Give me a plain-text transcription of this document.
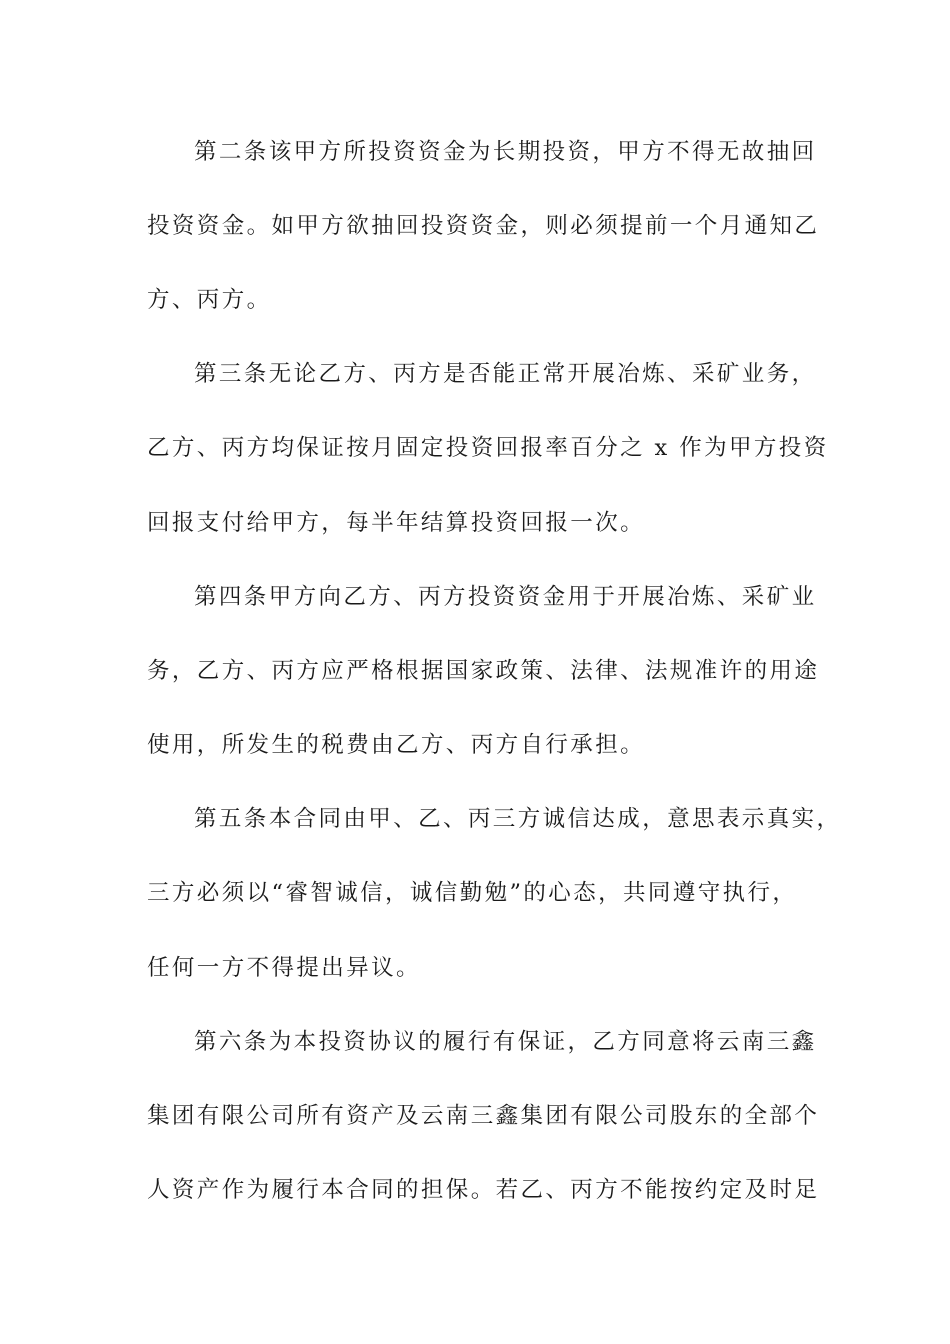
第二条该甲方所投资资金为长期投资，甲方不得无故抽回
投资资金。如甲方欲抽回投资资金，则必须提前一个月通知乙
方、丙方。
第三条无论乙方、丙方是否能正常开展冶炼、采矿业务，
乙方、丙方均保证按月固定投资回报率百分之 x 作为甲方投资
回报支付给甲方，每半年结算投资回报一次。
第四条甲方向乙方、丙方投资资金用于开展冶炼、采矿业
务，乙方、丙方应严格根据国家政策、法律、法规准许的用途
使用，所发生的税费由乙方、丙方自行承担。
第五条本合同由甲、乙、丙三方诚信达成，意思表示真实，
三方必须以“睿智诚信，诚信勤勉”的心态，共同遵守执行，
任何一方不得提出异议。
第六条为本投资协议的履行有保证，乙方同意将云南三鑫
集团有限公司所有资产及云南三鑫集团有限公司股东的全部个
人资产作为履行本合同的担保。若乙、丙方不能按约定及时足
